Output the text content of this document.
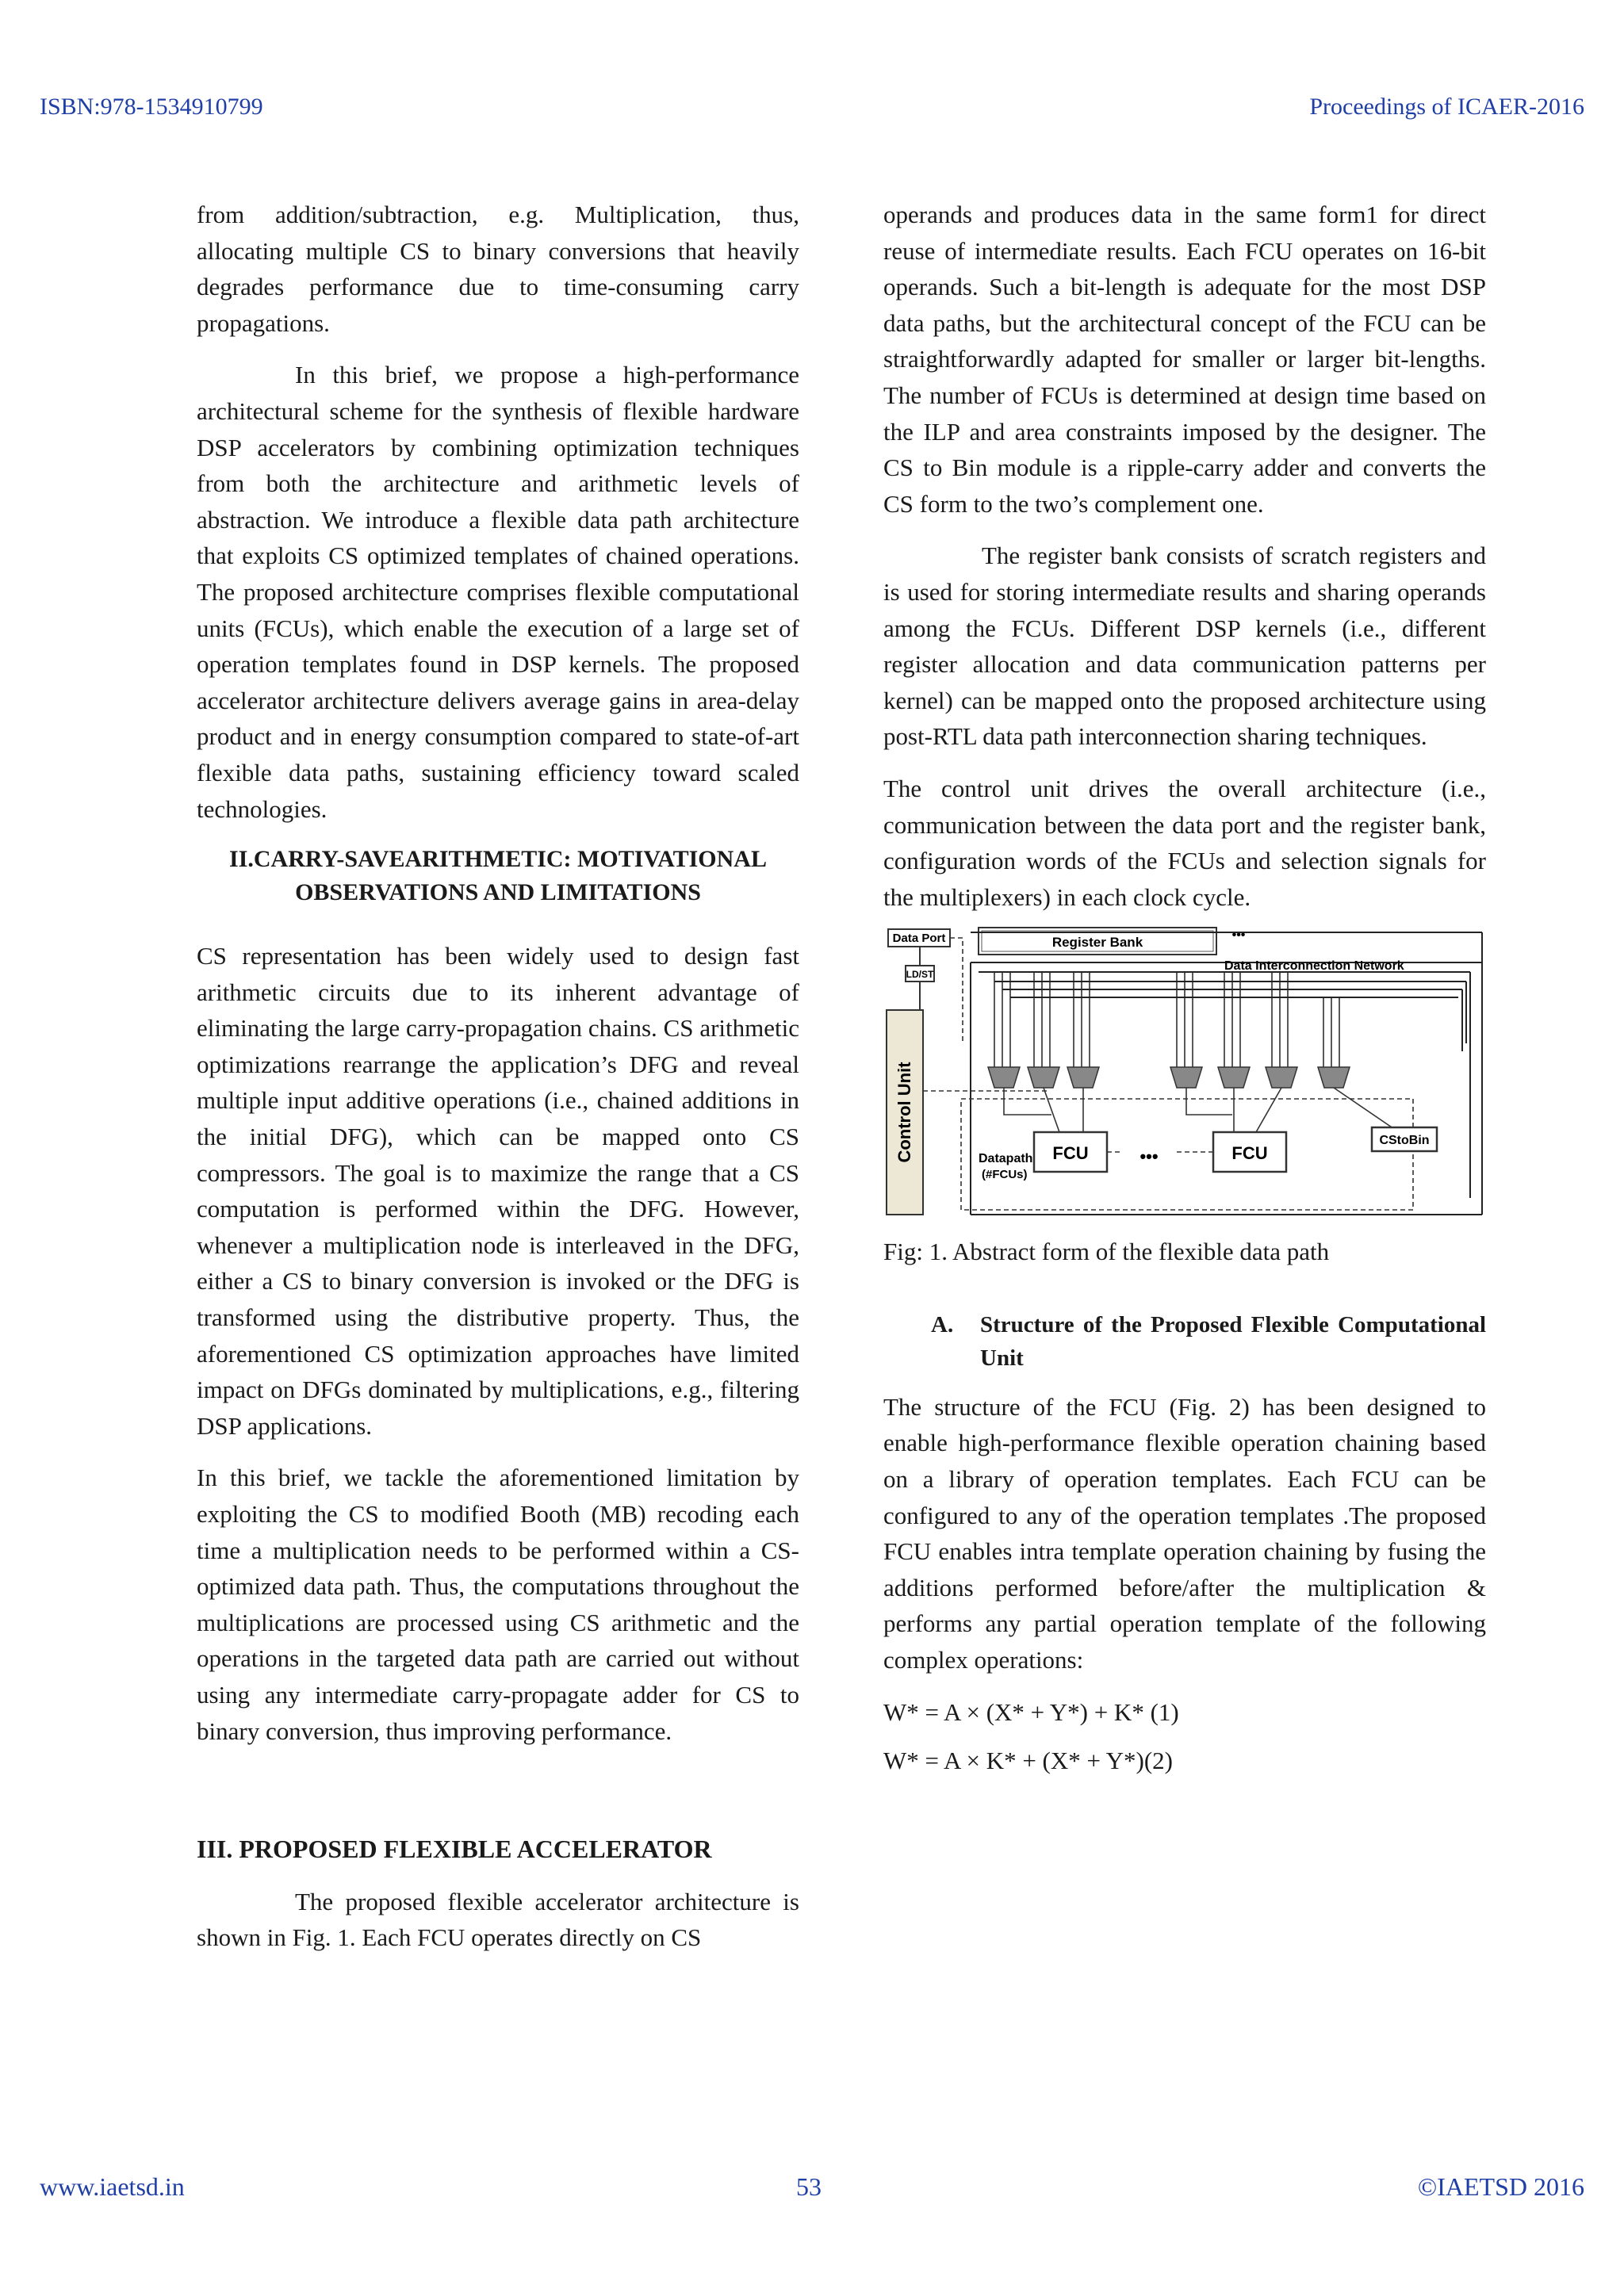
ISBN:978-1534910799	Proceedings of ICAER-2016

from addition/subtraction, e.g. Multiplication, thus, allocating multiple CS to binary conversions that heavily degrades performance due to time-consuming carry propagations.

In this brief, we propose a high-performance architectural scheme for the synthesis of flexible hardware DSP accelerators by combining optimization techniques from both the architecture and arithmetic levels of abstraction. We introduce a flexible data path architecture that exploits CS optimized templates of chained operations. The proposed architecture comprises flexible computational units (FCUs), which enable the execution of a large set of operation templates found in DSP kernels. The proposed accelerator architecture delivers average gains in area-delay product and in energy consumption compared to state-of-art flexible data paths, sustaining efficiency toward scaled technologies.

II.CARRY-SAVEARITHMETIC: MOTIVATIONAL
OBSERVATIONS AND LIMITATIONS

CS representation has been widely used to design fast arithmetic circuits due to its inherent advantage of eliminating the large carry-propagation chains. CS arithmetic optimizations rearrange the application’s DFG and reveal multiple input additive operations (i.e., chained additions in the initial DFG), which can be mapped onto CS compressors. The goal is to maximize the range that a CS computation is performed within the DFG. However, whenever a multiplication node is interleaved in the DFG, either a CS to binary conversion is invoked or the DFG is transformed using the distributive property. Thus, the aforementioned CS optimization approaches have limited impact on DFGs dominated by multiplications, e.g., filtering DSP applications.

In this brief, we tackle the aforementioned limitation by exploiting the CS to modified Booth (MB) recoding each time a multiplication needs to be performed within a CS-optimized data path. Thus, the computations throughout the multiplications are processed using CS arithmetic and the operations in the targeted data path are carried out without using any intermediate carry-propagate adder for CS to binary conversion, thus improving performance.

III. PROPOSED FLEXIBLE ACCELERATOR

The proposed flexible accelerator architecture is shown in Fig. 1. Each FCU operates directly on CS

operands and produces data in the same form1 for direct reuse of intermediate results. Each FCU operates on 16-bit operands. Such a bit-length is adequate for the most DSP data paths, but the architectural concept of the FCU can be straightforwardly adapted for smaller or larger bit-lengths. The number of FCUs is determined at design time based on the ILP and area constraints imposed by the designer. The CS to Bin module is a ripple-carry adder and converts the CS form to the two’s complement one.

The register bank consists of scratch registers and is used for storing intermediate results and sharing operands among the FCUs. Different DSP kernels (i.e., different register allocation and data communication patterns per kernel) can be mapped onto the proposed architecture using post-RTL data path interconnection sharing techniques.

The control unit drives the overall architecture (i.e., communication between the data port and the register bank, configuration words of the FCUs and selection signals for the multiplexers) in each clock cycle.

Data Port
LD/ST
Control Unit
Register Bank	•••
Data Interconnection Network
FCU	•••	FCU
CStoBin
Datapath
(#FCUs)
Fig: 1. Abstract form of the flexible data path
A.	Structure of the Proposed Flexible Computational Unit

The structure of the FCU (Fig. 2) has been designed to enable high-performance flexible operation chaining based on a library of operation templates. Each FCU can be configured to any of the operation templates .The proposed FCU enables intra template operation chaining by fusing the additions performed before/after the multiplication & performs any partial operation template of the following complex operations:

W* = A × (X* + Y*) + K* (1)
W* = A × K* + (X* + Y*)(2)
www.iaetsd.in	53	©IAETSD 2016
